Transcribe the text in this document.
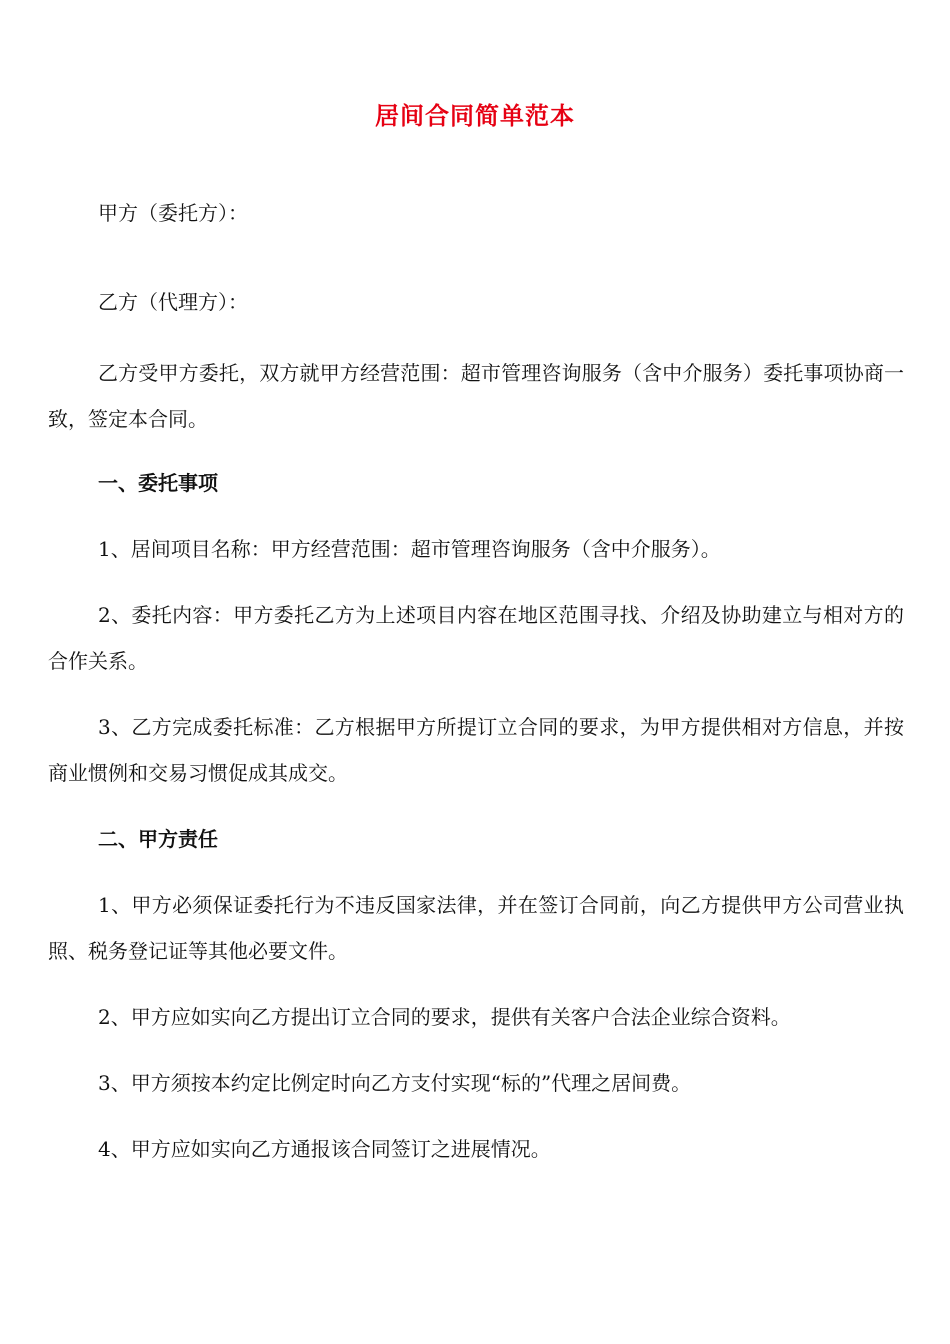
居间合同简单范本

甲方（委托方）：

乙方（代理方）：

乙方受甲方委托，双方就甲方经营范围：超市管理咨询服务（含中介服务）委托事项协商一致，签定本合同。

一、委托事项

1、居间项目名称：甲方经营范围：超市管理咨询服务（含中介服务）。

2、委托内容：甲方委托乙方为上述项目内容在地区范围寻找、介绍及协助建立与相对方的合作关系。

3、乙方完成委托标准：乙方根据甲方所提订立合同的要求，为甲方提供相对方信息，并按商业惯例和交易习惯促成其成交。

二、甲方责任

1、甲方必须保证委托行为不违反国家法律，并在签订合同前，向乙方提供甲方公司营业执照、税务登记证等其他必要文件。

2、甲方应如实向乙方提出订立合同的要求，提供有关客户合法企业综合资料。

3、甲方须按本约定比例定时向乙方支付实现“标的”代理之居间费。

4、甲方应如实向乙方通报该合同签订之进展情况。
